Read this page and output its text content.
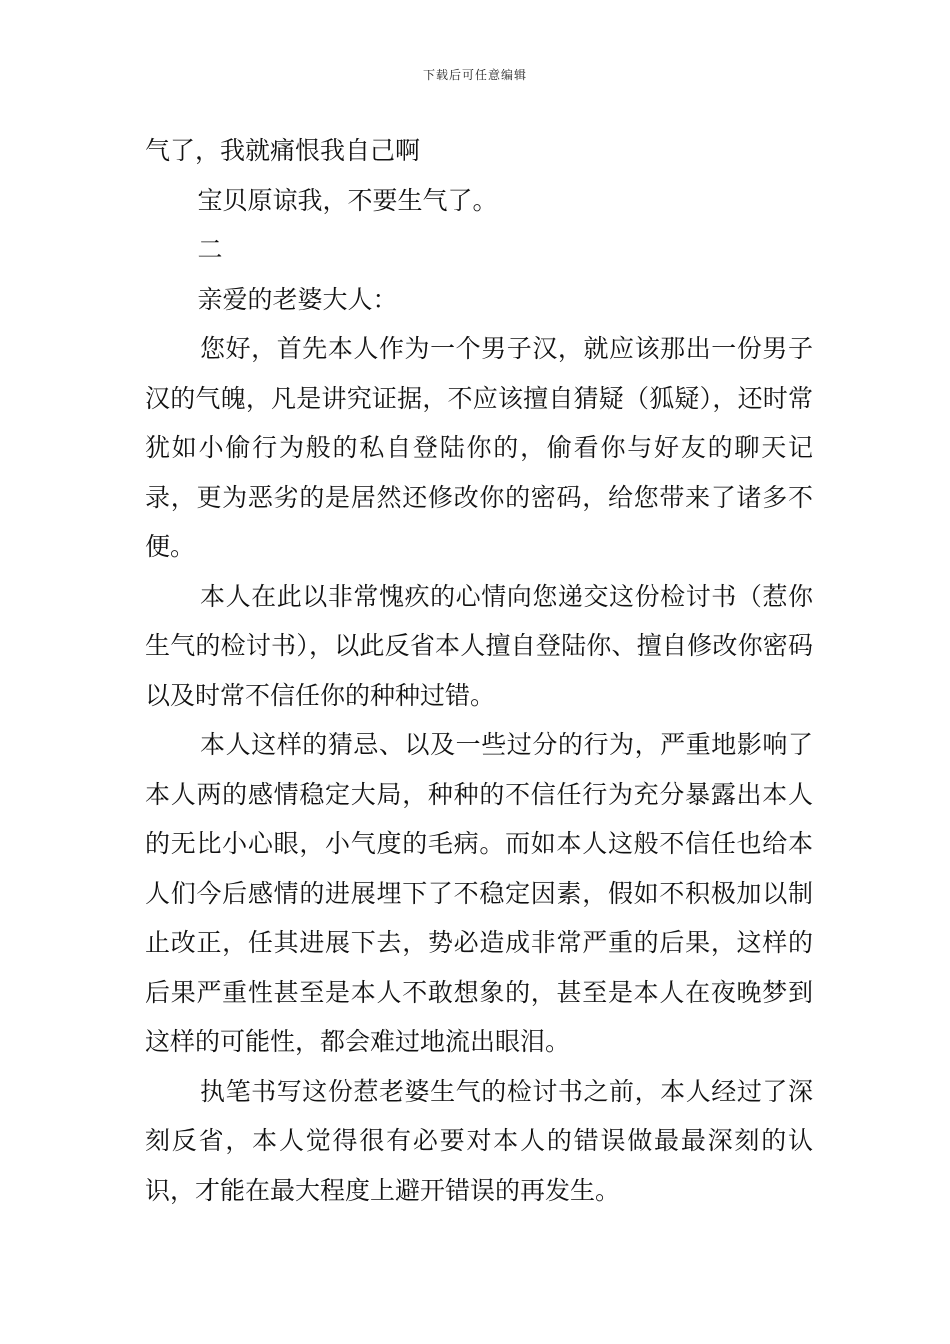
下载后可任意编辑

气了，我就痛恨我自己啊

宝贝原谅我，不要生气了。

二

亲爱的老婆大人：

您好，首先本人作为一个男子汉，就应该那出一份男子汉的气魄，凡是讲究证据，不应该擅自猜疑（狐疑），还时常犹如小偷行为般的私自登陆你的，偷看你与好友的聊天记录，更为恶劣的是居然还修改你的密码，给您带来了诸多不便。

本人在此以非常愧疚的心情向您递交这份检讨书（惹你生气的检讨书），以此反省本人擅自登陆你、擅自修改你密码以及时常不信任你的种种过错。

本人这样的猜忌、以及一些过分的行为，严重地影响了本人两的感情稳定大局，种种的不信任行为充分暴露出本人的无比小心眼，小气度的毛病。而如本人这般不信任也给本人们今后感情的进展埋下了不稳定因素，假如不积极加以制止改正，任其进展下去，势必造成非常严重的后果，这样的后果严重性甚至是本人不敢想象的，甚至是本人在夜晚梦到这样的可能性，都会难过地流出眼泪。

执笔书写这份惹老婆生气的检讨书之前，本人经过了深刻反省，本人觉得很有必要对本人的错误做最最深刻的认识，才能在最大程度上避开错误的再发生。
